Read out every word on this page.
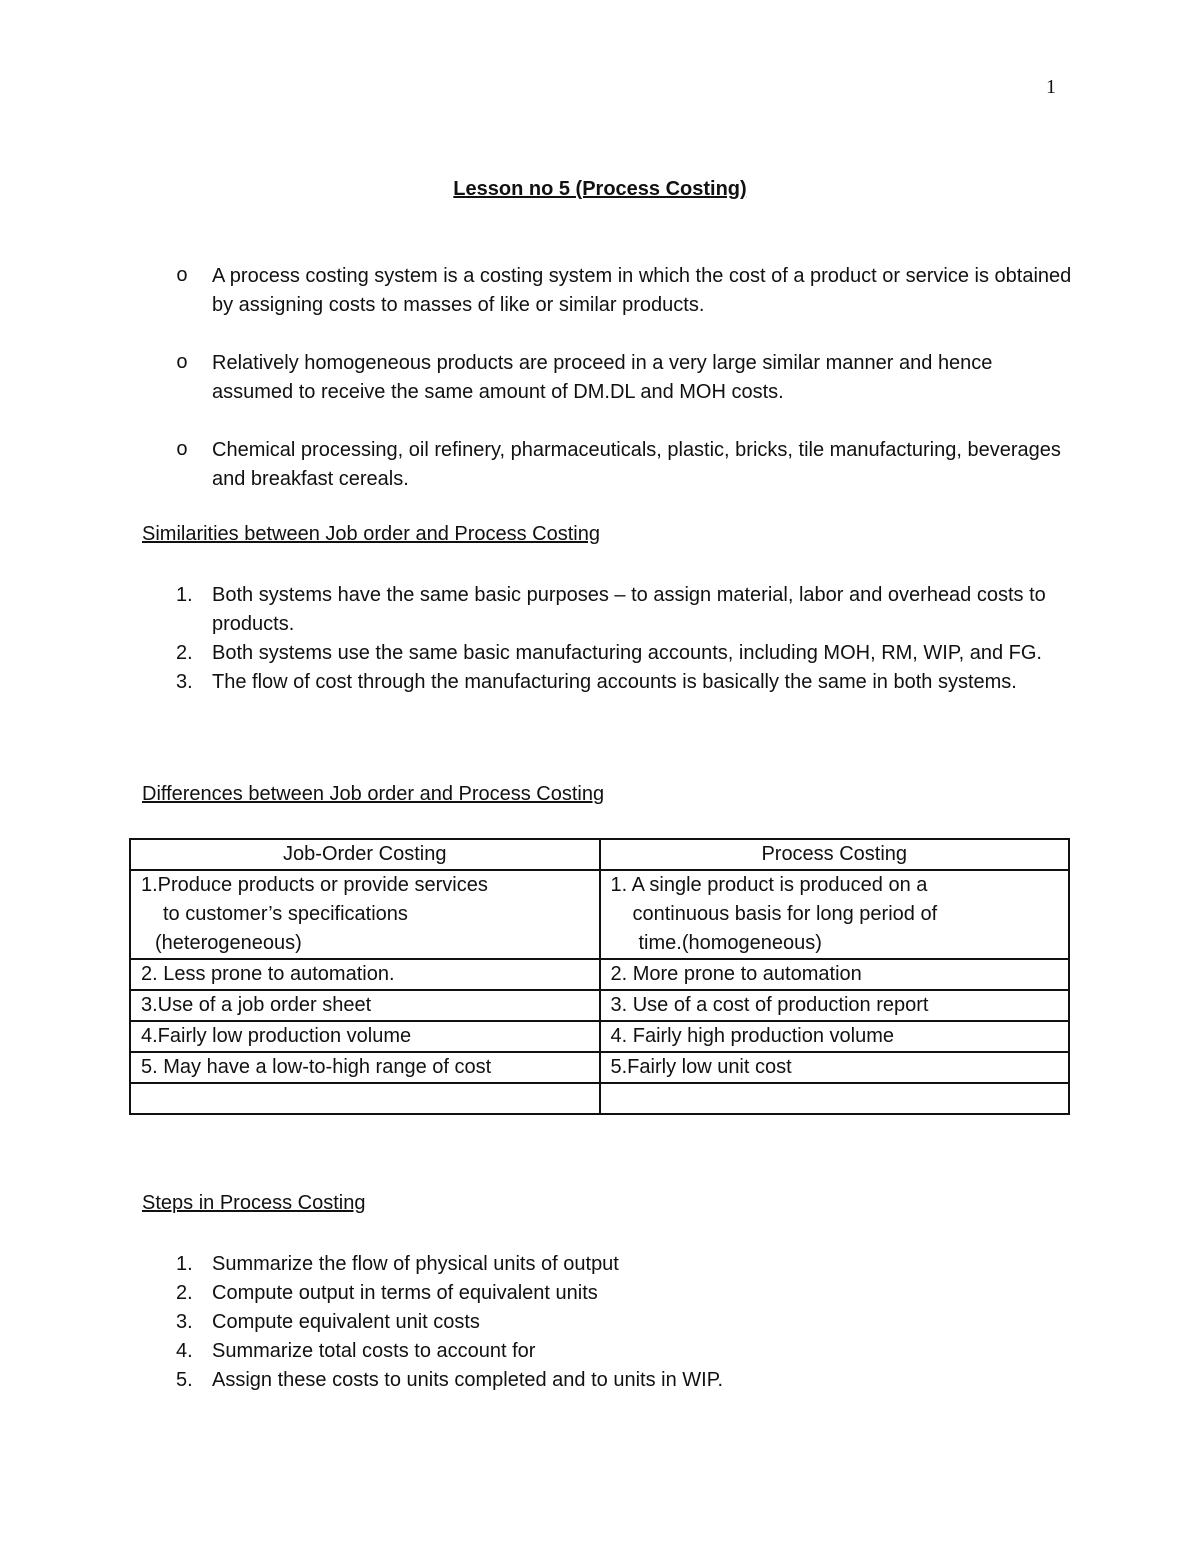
1
Lesson no 5 (Process Costing)
o A process costing system is a costing system in which the cost of a product or service is obtained by assigning costs to masses of like or similar products.
o Relatively homogeneous products are proceed in a very large similar manner and hence assumed to receive the same amount of DM.DL and MOH costs.
o Chemical processing, oil refinery, pharmaceuticals, plastic, bricks, tile manufacturing, beverages and breakfast cereals.
Similarities between Job order and Process Costing
1. Both systems have the same basic purposes – to assign material, labor and overhead costs to products.
2. Both systems use the same basic manufacturing accounts, including MOH, RM, WIP, and FG.
3. The flow of cost through the manufacturing accounts is basically the same in both systems.
Differences between Job order and Process Costing
Job-Order Costing	Process Costing

1.Produce products or provide services
to customer’s specifications
(heterogeneous)	1. A single product is produced on a
continuous basis for long period of
time.(homogeneous)

2. Less prone to automation.	2. More prone to automation
3.Use of a job order sheet	3. Use of a cost of production report
4.Fairly low production volume	4. Fairly high production volume
5. May have a low-to-high range of cost	5.Fairly low unit cost

Steps in Process Costing
1. Summarize the flow of physical units of output
2. Compute output in terms of equivalent units
3. Compute equivalent unit costs
4. Summarize total costs to account for
5. Assign these costs to units completed and to units in WIP.
